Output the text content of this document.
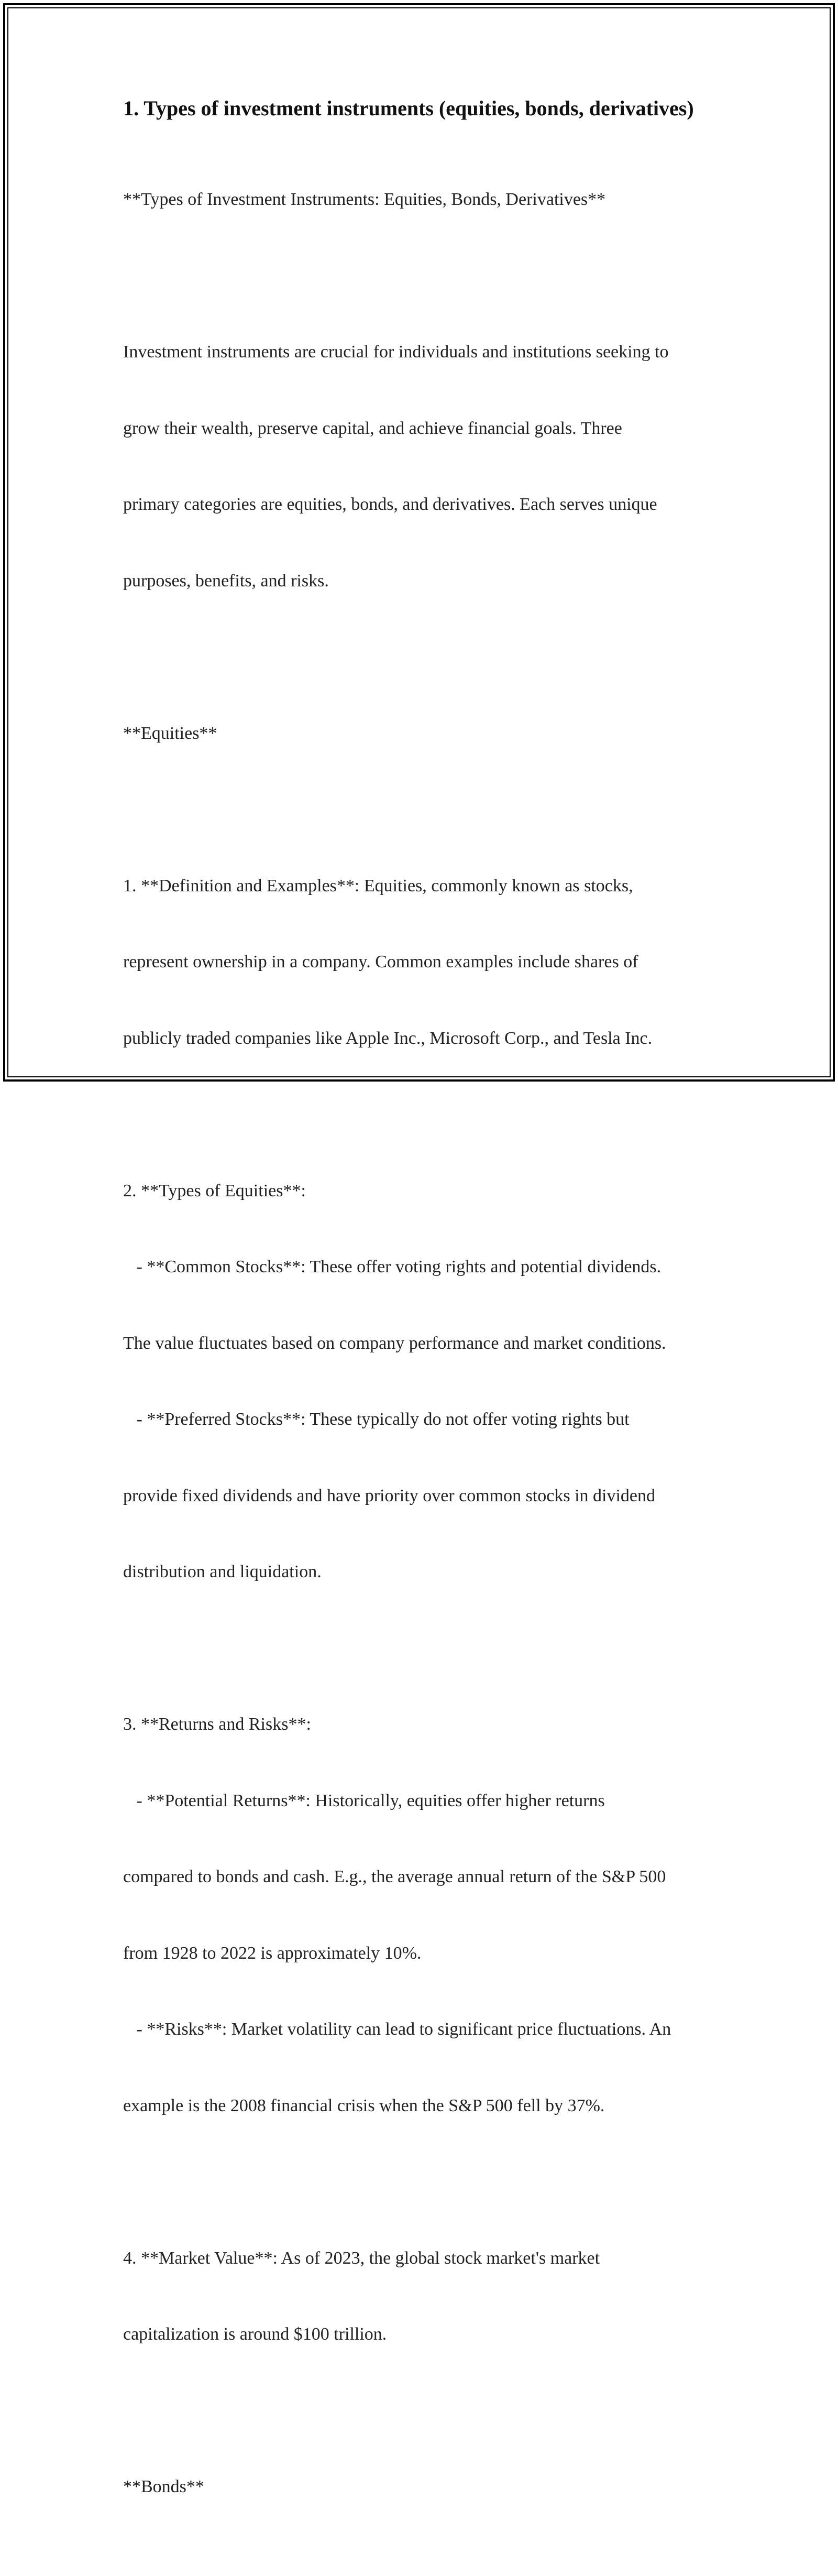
1. Types of investment instruments (equities, bonds, derivatives)

**Types of Investment Instruments: Equities, Bonds, Derivatives**

Investment instruments are crucial for individuals and institutions seeking to

grow their wealth, preserve capital, and achieve financial goals. Three

primary categories are equities, bonds, and derivatives. Each serves unique

purposes, benefits, and risks.

**Equities**

1. **Definition and Examples**: Equities, commonly known as stocks,

represent ownership in a company. Common examples include shares of

publicly traded companies like Apple Inc., Microsoft Corp., and Tesla Inc.

2. **Types of Equities**:

- **Common Stocks**: These offer voting rights and potential dividends.

The value fluctuates based on company performance and market conditions.

- **Preferred Stocks**: These typically do not offer voting rights but

provide fixed dividends and have priority over common stocks in dividend

distribution and liquidation.

3. **Returns and Risks**:

- **Potential Returns**: Historically, equities offer higher returns

compared to bonds and cash. E.g., the average annual return of the S&P 500

from 1928 to 2022 is approximately 10%.

- **Risks**: Market volatility can lead to significant price fluctuations. An

example is the 2008 financial crisis when the S&P 500 fell by 37%.

4. **Market Value**: As of 2023, the global stock market's market

capitalization is around $100 trillion.

**Bonds**
